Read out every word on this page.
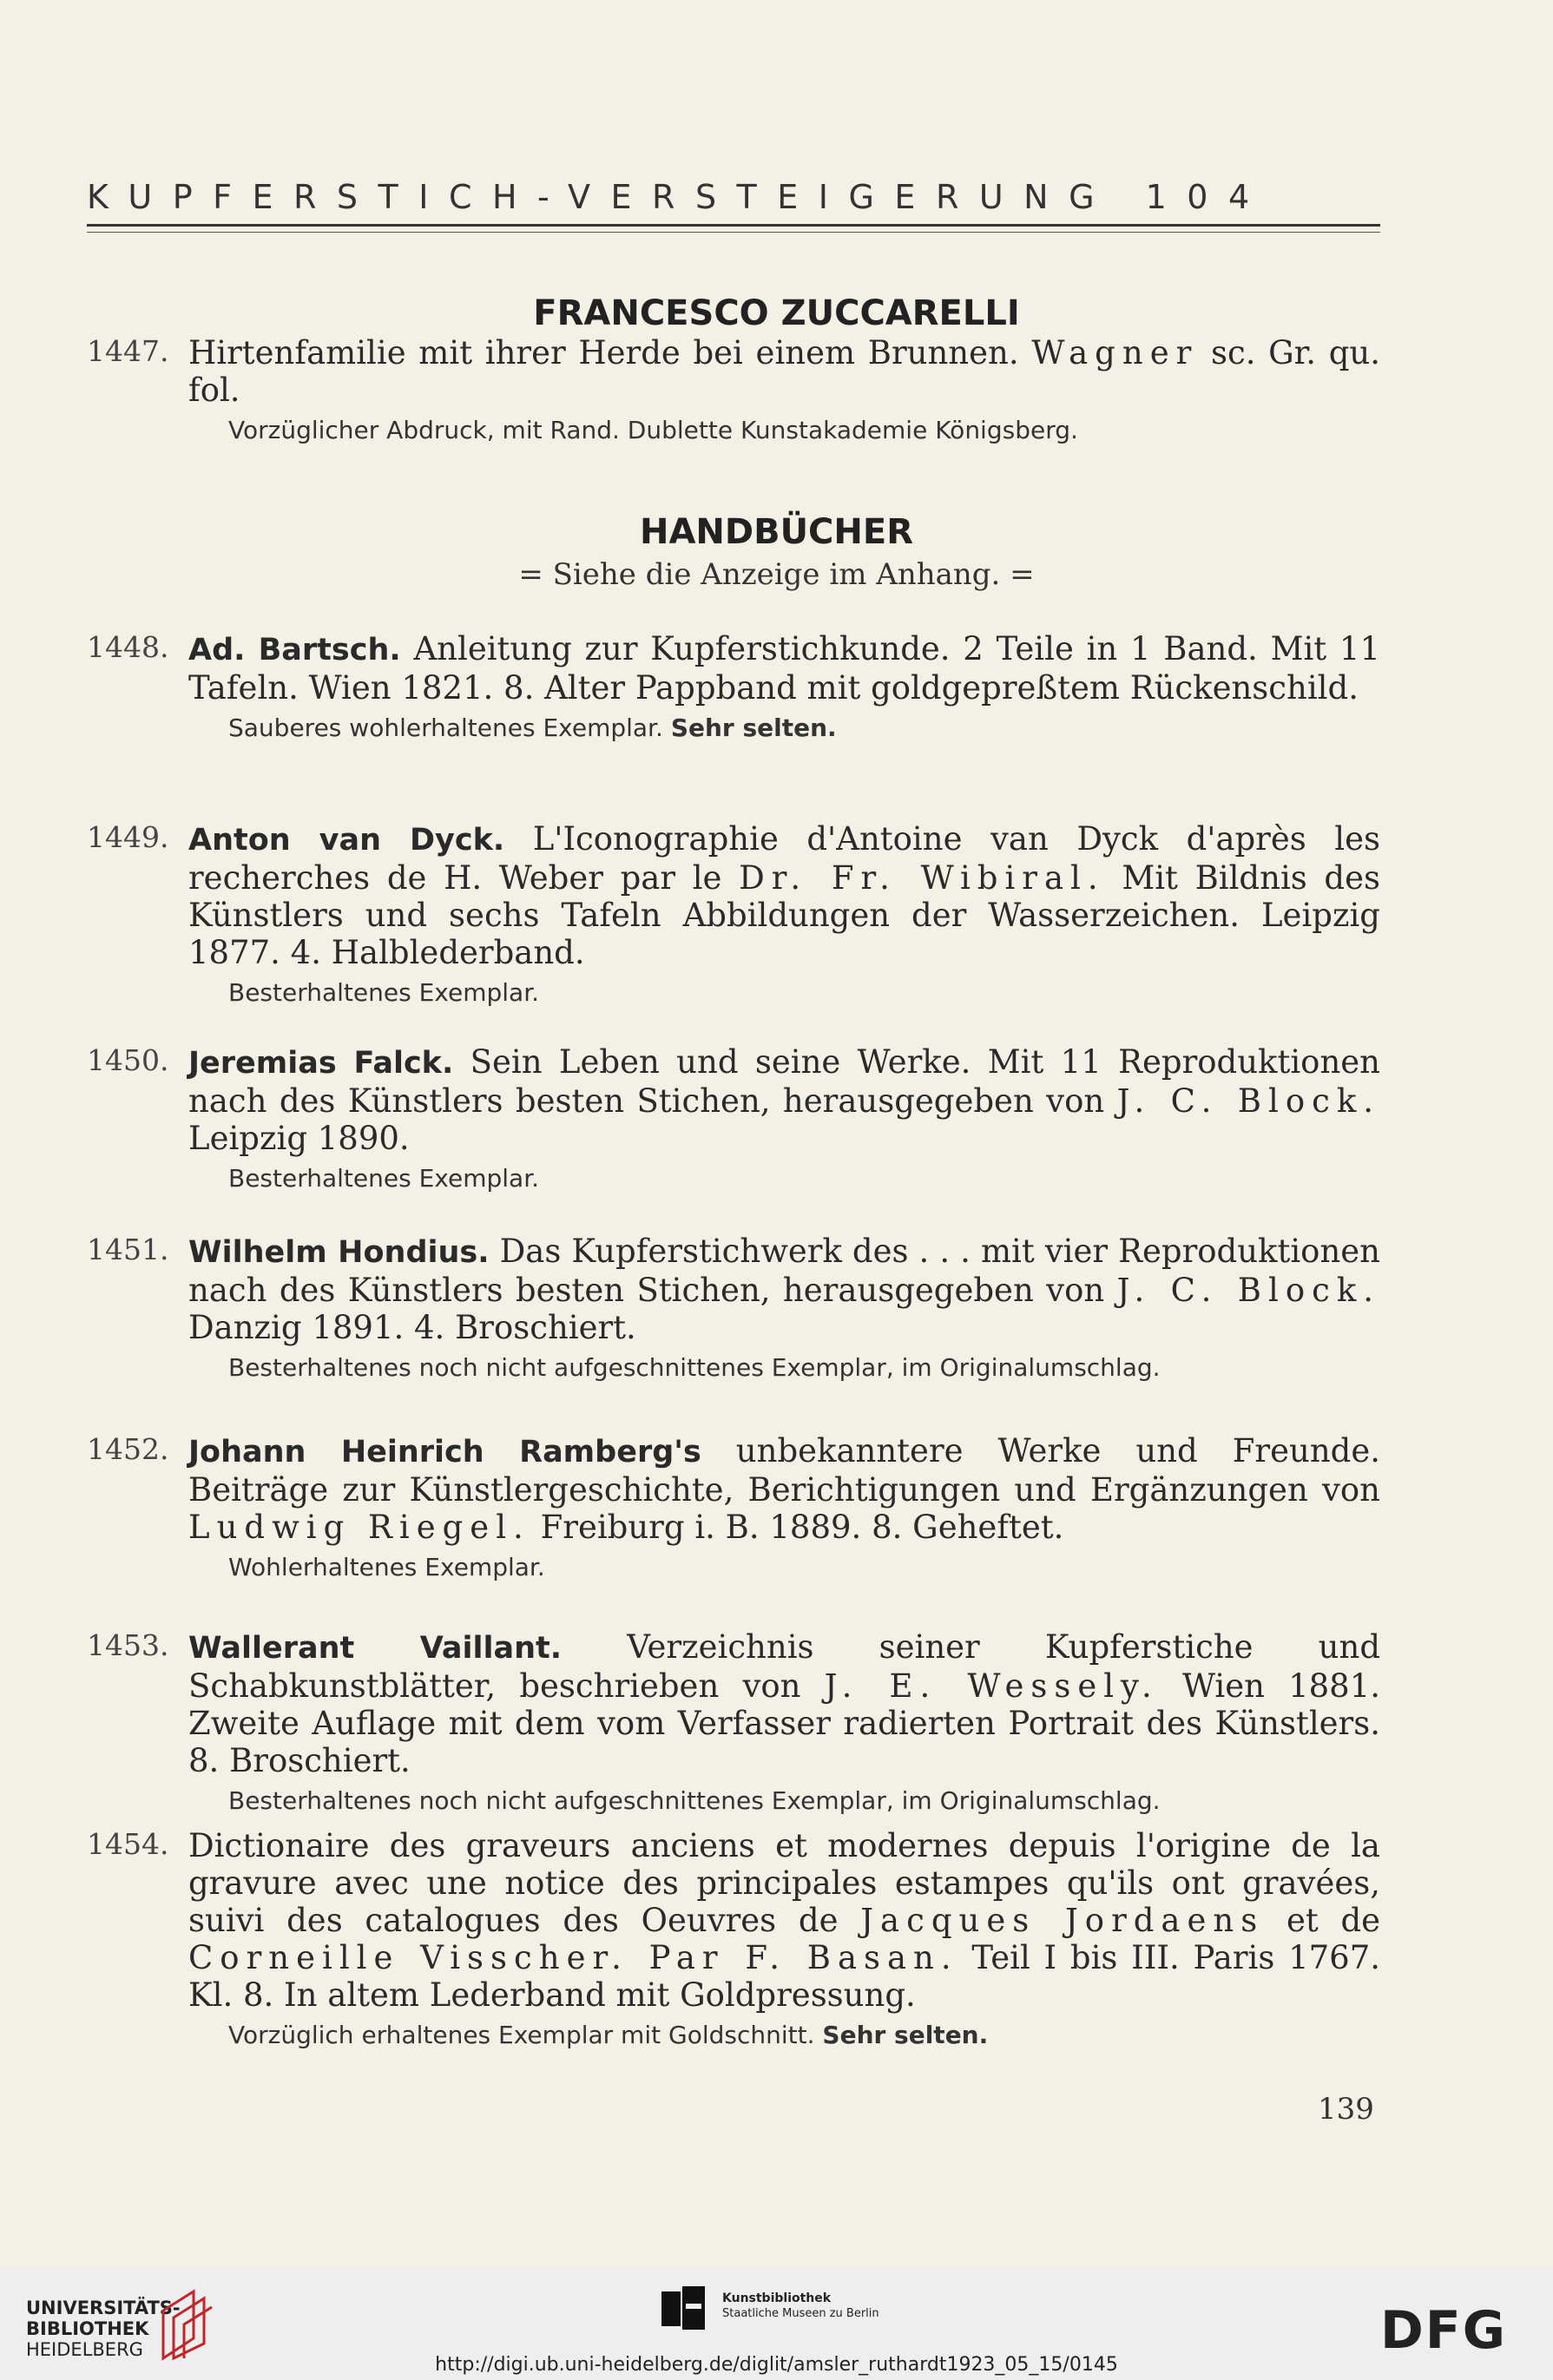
KUPFERSTICH-VERSTEIGERUNG 104
FRANCESCO ZUCCARELLI
1447. Hirtenfamilie mit ihrer Herde bei einem Brunnen. Wagner sc. Gr. qu. fol.
Vorzüglicher Abdruck, mit Rand. Dublette Kunstakademie Königsberg.
HANDBÜCHER
= Siehe die Anzeige im Anhang. =
1448. Ad. Bartsch. Anleitung zur Kupferstichkunde. 2 Teile in 1 Band. Mit 11 Tafeln. Wien 1821. 8. Alter Pappband mit goldgepreßtem Rückenschild.
Sauberes wohlerhaltenes Exemplar. Sehr selten.
1449. Anton van Dyck. L'Iconographie d'Antoine van Dyck d'après les recherches de H. Weber par le Dr. Fr. Wibiral. Mit Bildnis des Künstlers und sechs Tafeln Abbildungen der Wasserzeichen. Leipzig 1877. 4. Halblederband.
Besterhaltenes Exemplar.
1450. Jeremias Falck. Sein Leben und seine Werke. Mit 11 Reproduktionen nach des Künstlers besten Stichen, herausgegeben von J. C. Block. Leipzig 1890.
Besterhaltenes Exemplar.
1451. Wilhelm Hondius. Das Kupferstichwerk des . . . mit vier Reproduktionen nach des Künstlers besten Stichen, herausgegeben von J. C. Block. Danzig 1891. 4. Broschiert.
Besterhaltenes noch nicht aufgeschnittenes Exemplar, im Originalumschlag.
1452. Johann Heinrich Ramberg's unbekanntere Werke und Freunde. Beiträge zur Künstlergeschichte, Berichtigungen und Ergänzungen von Ludwig Riegel. Freiburg i. B. 1889. 8. Geheftet.
Wohlerhaltenes Exemplar.
1453. Wallerant Vaillant. Verzeichnis seiner Kupferstiche und Schabkunstblätter, beschrieben von J. E. Wessely. Wien 1881. Zweite Auflage mit dem vom Verfasser radierten Portrait des Künstlers. 8. Broschiert.
Besterhaltenes noch nicht aufgeschnittenes Exemplar, im Originalumschlag.
1454. Dictionaire des graveurs anciens et modernes depuis l'origine de la gravure avec une notice des principales estampes qu'ils ont gravées, suivi des catalogues des Oeuvres de Jacques Jordaens et de Corneille Visscher. Par F. Basan. Teil I bis III. Paris 1767. Kl. 8. In altem Lederband mit Goldpressung.
Vorzüglich erhaltenes Exemplar mit Goldschnitt. Sehr selten.
139
UNIVERSITÄTS-
BIBLIOTHEK
HEIDELBERG
Kunstbibliothek
Staatliche Museen zu Berlin	DFG
http://digi.ub.uni-heidelberg.de/diglit/amsler_ruthardt1923_05_15/0145
